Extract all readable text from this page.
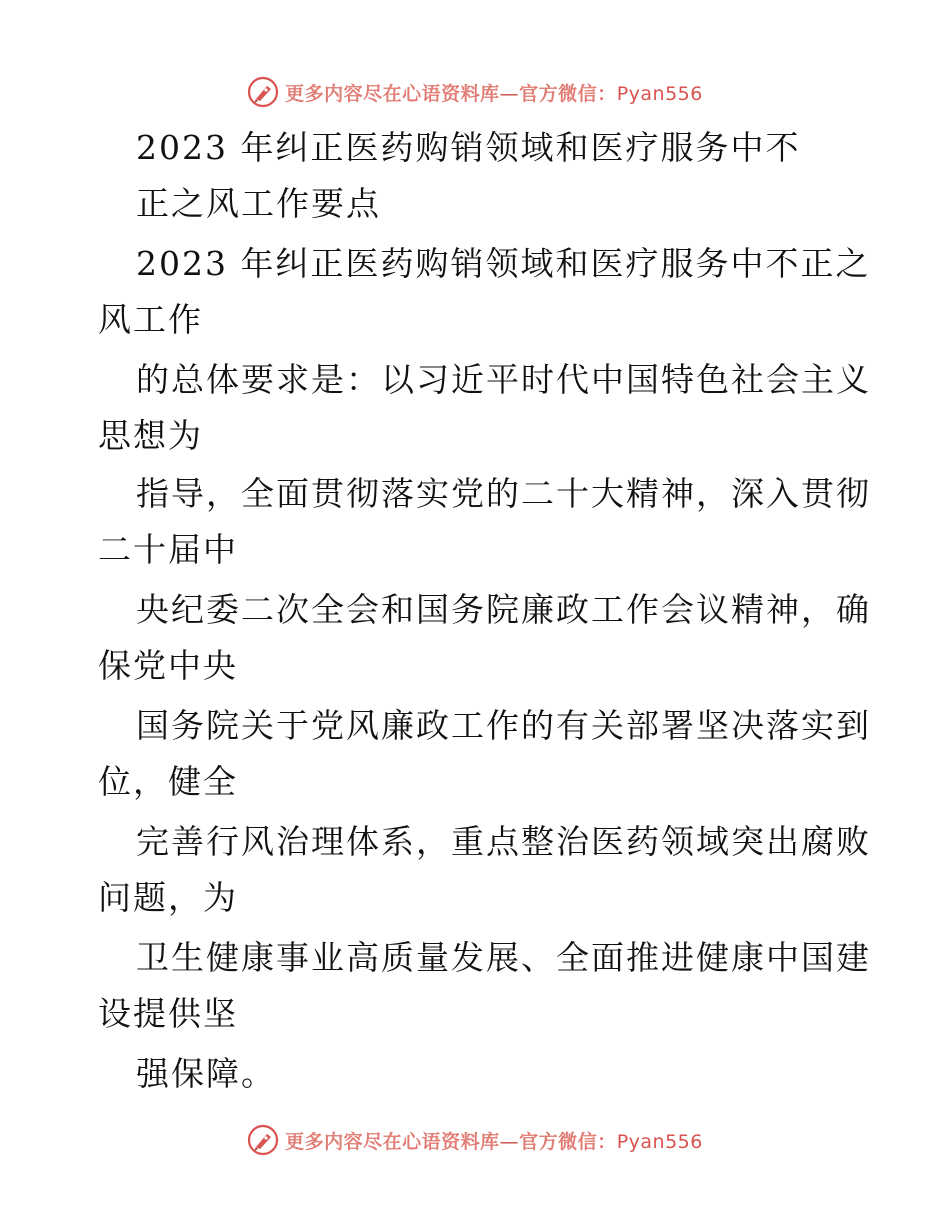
更多内容尽在心语资料库—官方微信：Pyan556
2023 年纠正医药购销领域和医疗服务中不
正之风工作要点
2023 年纠正医药购销领域和医疗服务中不正之
风工作
的总体要求是：以习近平时代中国特色社会主义
思想为
指导，全面贯彻落实党的二十大精神，深入贯彻
二十届中
央纪委二次全会和国务院廉政工作会议精神，确
保党中央
国务院关于党风廉政工作的有关部署坚决落实到
位，健全
完善行风治理体系，重点整治医药领域突出腐败
问题，为
卫生健康事业高质量发展、全面推进健康中国建
设提供坚
强保障。
更多内容尽在心语资料库—官方微信：Pyan556
